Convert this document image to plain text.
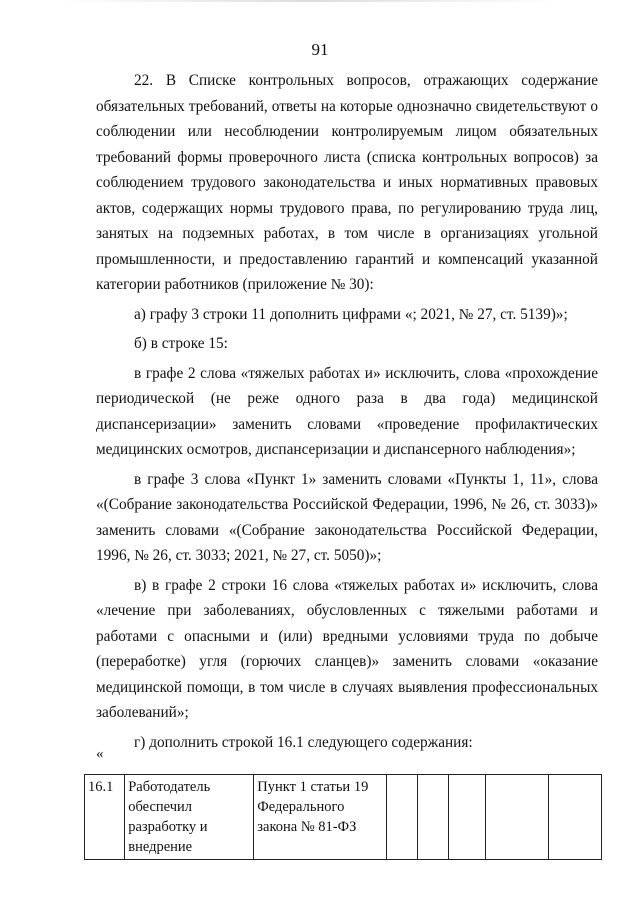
91

22. В Списке контрольных вопросов, отражающих содержание обязательных требований, ответы на которые однозначно свидетельствуют о соблюдении или несоблюдении контролируемым лицом обязательных требований формы проверочного листа (списка контрольных вопросов) за соблюдением трудового законодательства и иных нормативных правовых актов, содержащих нормы трудового права, по регулированию труда лиц, занятых на подземных работах, в том числе в организациях угольной промышленности, и предоставлению гарантий и компенсаций указанной категории работников (приложение № 30):

а) графу 3 строки 11 дополнить цифрами «; 2021, № 27, ст. 5139)»;

б) в строке 15:

в графе 2 слова «тяжелых работах и» исключить, слова «прохождение периодической (не реже одного раза в два года) медицинской диспансеризации» заменить словами «проведение профилактических медицинских осмотров, диспансеризации и диспансерного наблюдения»;

в графе 3 слова «Пункт 1» заменить словами «Пункты 1, 11», слова «(Собрание законодательства Российской Федерации, 1996, № 26, ст. 3033)» заменить словами «(Собрание законодательства Российской Федерации, 1996, № 26, ст. 3033; 2021, № 27, ст. 5050)»;

в) в графе 2 строки 16 слова «тяжелых работах и» исключить, слова «лечение при заболеваниях, обусловленных с тяжелыми работами и работами с опасными и (или) вредными условиями труда по добыче (переработке) угля (горючих сланцев)» заменить словами «оказание медицинской помощи, в том числе в случаях выявления профессиональных заболеваний»;

г) дополнить строкой 16.1 следующего содержания:

«
16.1	Работодатель обеспечил разработку и внедрение	Пункт 1 статьи 19 Федерального закона № 81-ФЗ					
